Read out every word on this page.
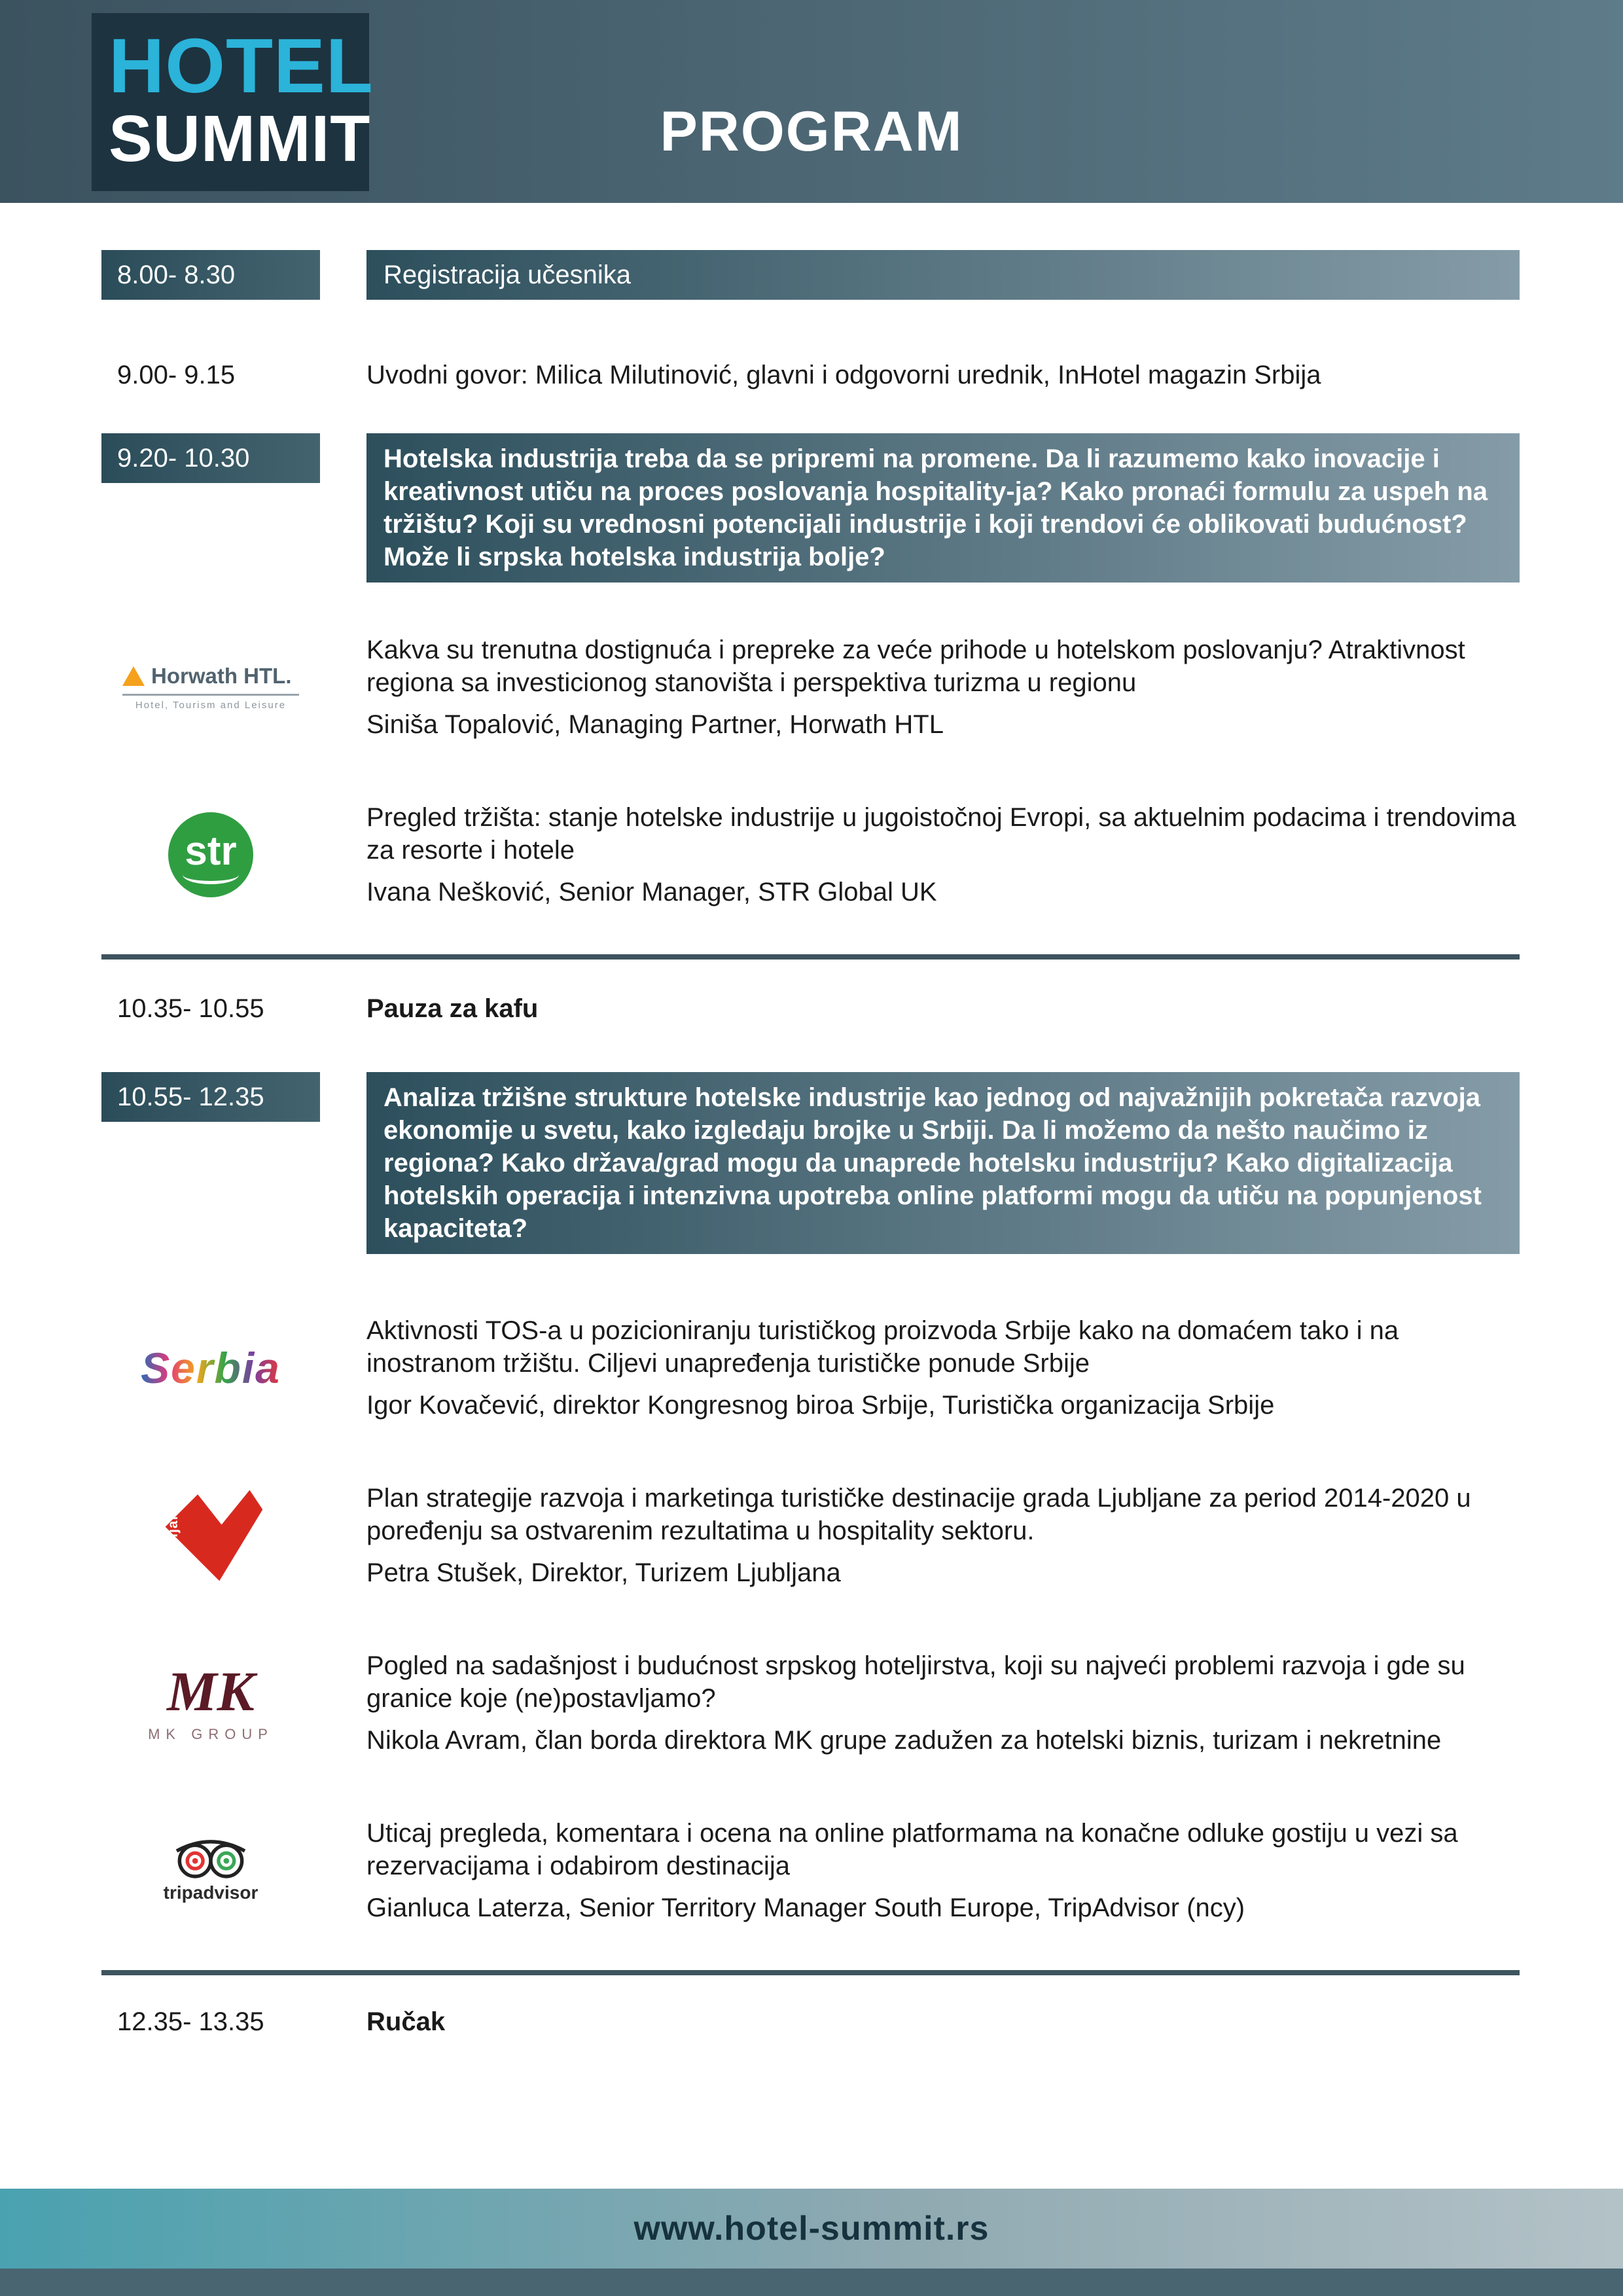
HOTEL
SUMMIT	PROGRAM
8.00- 8.30	Registracija učesnika
9.00- 9.15	Uvodni govor: Milica Milutinović, glavni i odgovorni urednik, InHotel magazin Srbija
9.20- 10.30	Hotelska industrija treba da se pripremi na promene. Da li razumemo kako inovacije i kreativnost utiču na proces poslovanja hospitality-ja? Kako pronaći formulu za uspeh na tržištu? Koji su vrednosni potencijali industrije i koji trendovi će oblikovati budućnost? Može li srpska hotelska industrija bolje?
Horwath HTL.
Hotel, Tourism and Leisure

Kakva su trenutna dostignuća i prepreke za veće prihode u hotelskom poslovanju? Atraktivnost regiona sa investicionog stanovišta i perspektiva turizma u regionu

Siniša Topalović, Managing Partner, Horwath HTL

str

Pregled tržišta: stanje hotelske industrije u jugoistočnoj Evropi, sa aktuelnim podacima i trendovima za resorte i hotele

Ivana Nešković, Senior Manager, STR Global UK

10.35- 10.55	Pauza za kafu
10.55- 12.35	Analiza tržišne strukture hotelske industrije kao jednog od najvažnijih pokretača razvoja ekonomije u svetu, kako izgledaju brojke u Srbiji. Da li možemo da nešto naučimo iz regiona? Kako država/grad mogu da unaprede hotelsku industriju? Kako digitalizacija hotelskih operacija i intenzivna upotreba online platformi mogu da utiču na popunjenost kapaciteta?
Serbia

Aktivnosti TOS-a u pozicioniranju turističkog proizvoda Srbije kako na domaćem tako i na inostranom tržištu. Ciljevi unapređenja turističke ponude Srbije

Igor Kovačević, direktor Kongresnog biroa Srbije, Turistička organizacija Srbije

Ljubljana

Plan strategije razvoja i marketinga turističke destinacije grada Ljubljane za period 2014-2020 u poređenju sa ostvarenim rezultatima u hospitality sektoru.

Petra Stušek, Direktor, Turizem Ljubljana

MK
MK GROUP

Pogled na sadašnjost i budućnost srpskog hoteljirstva, koji su najveći problemi razvoja i gde su granice koje (ne)postavljamo?

Nikola Avram, član borda direktora MK grupe zadužen za hotelski biznis, turizam i nekretnine

tripadvisor

Uticaj pregleda, komentara i ocena na online platformama na konačne odluke gostiju u vezi sa rezervacijama i odabirom destinacija

Gianluca Laterza, Senior Territory Manager South Europe, TripAdvisor (ncy)

12.35- 13.35	Ručak
www.hotel-summit.rs
